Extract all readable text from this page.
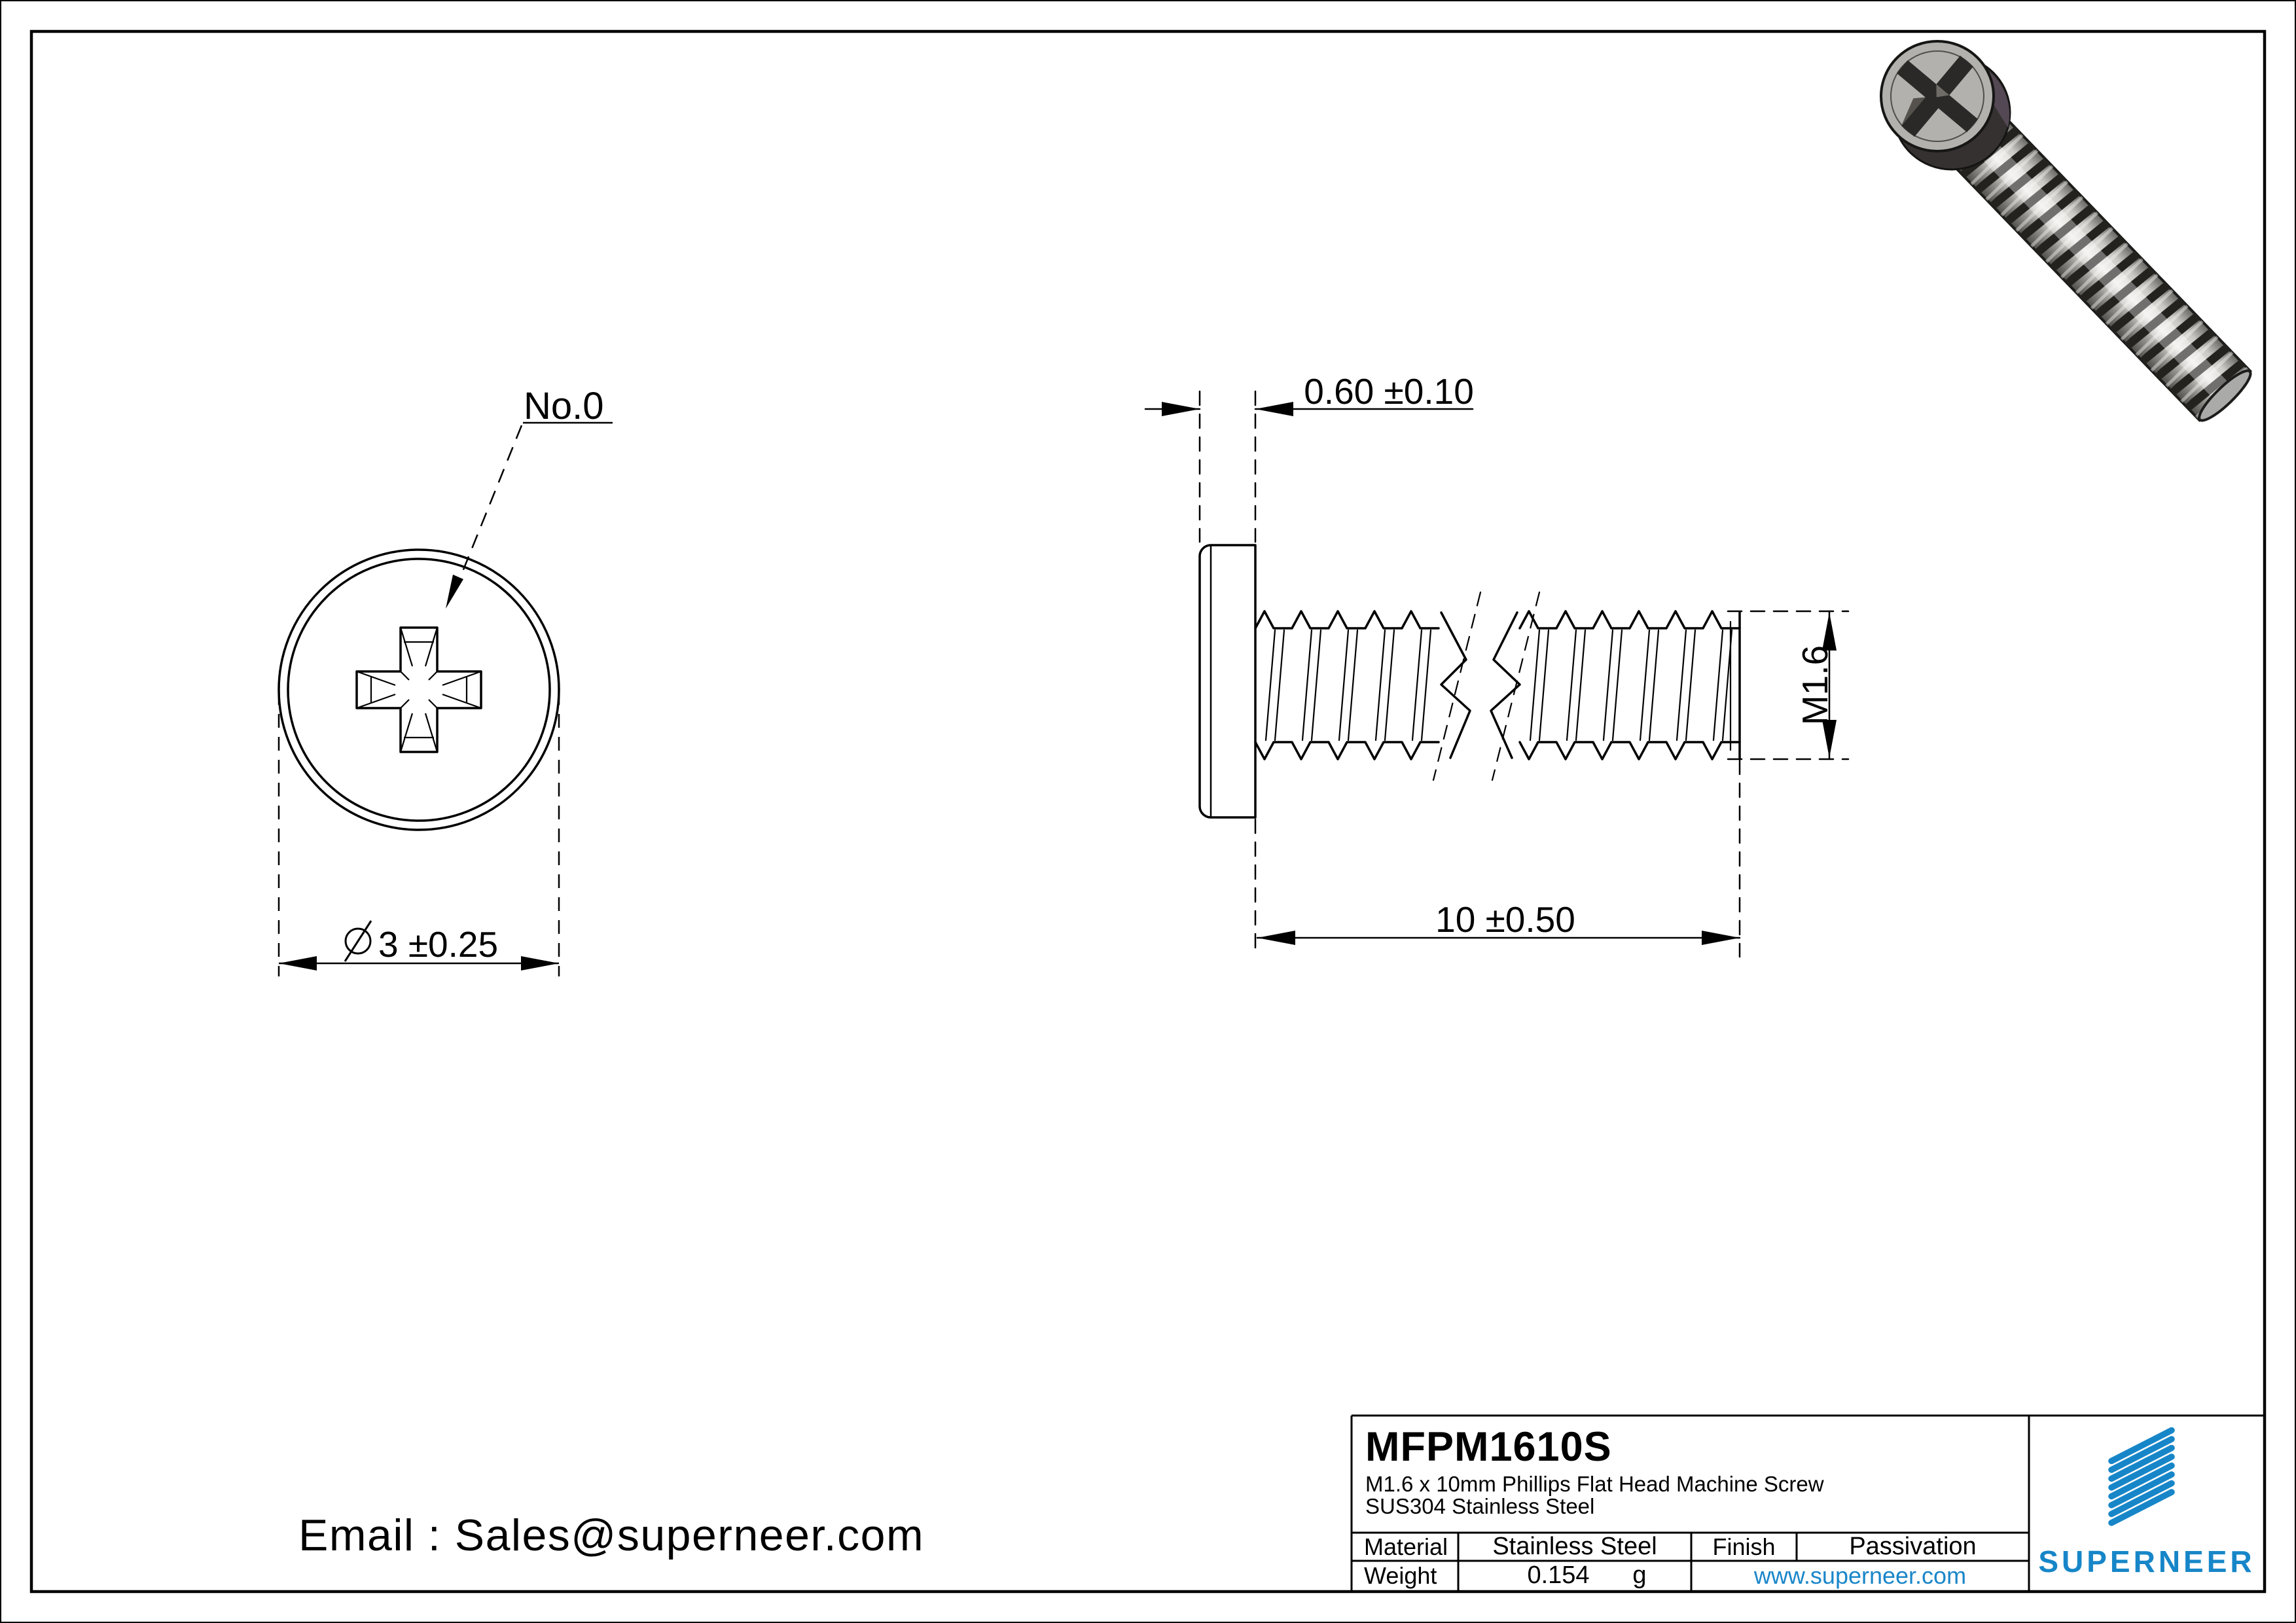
0.60 ±0.10
10 ±0.50
M1.6
No.0
3 ±0.25
Email : Sales@superneer.com
MFPM1610S
M1.6 x 10mm Phillips Flat Head Machine Screw
SUS304 Stainless Steel
Material	Stainless Steel	Finish	Passivation
Weight	0.154	g	www.superneer.com	SUPERNEER
